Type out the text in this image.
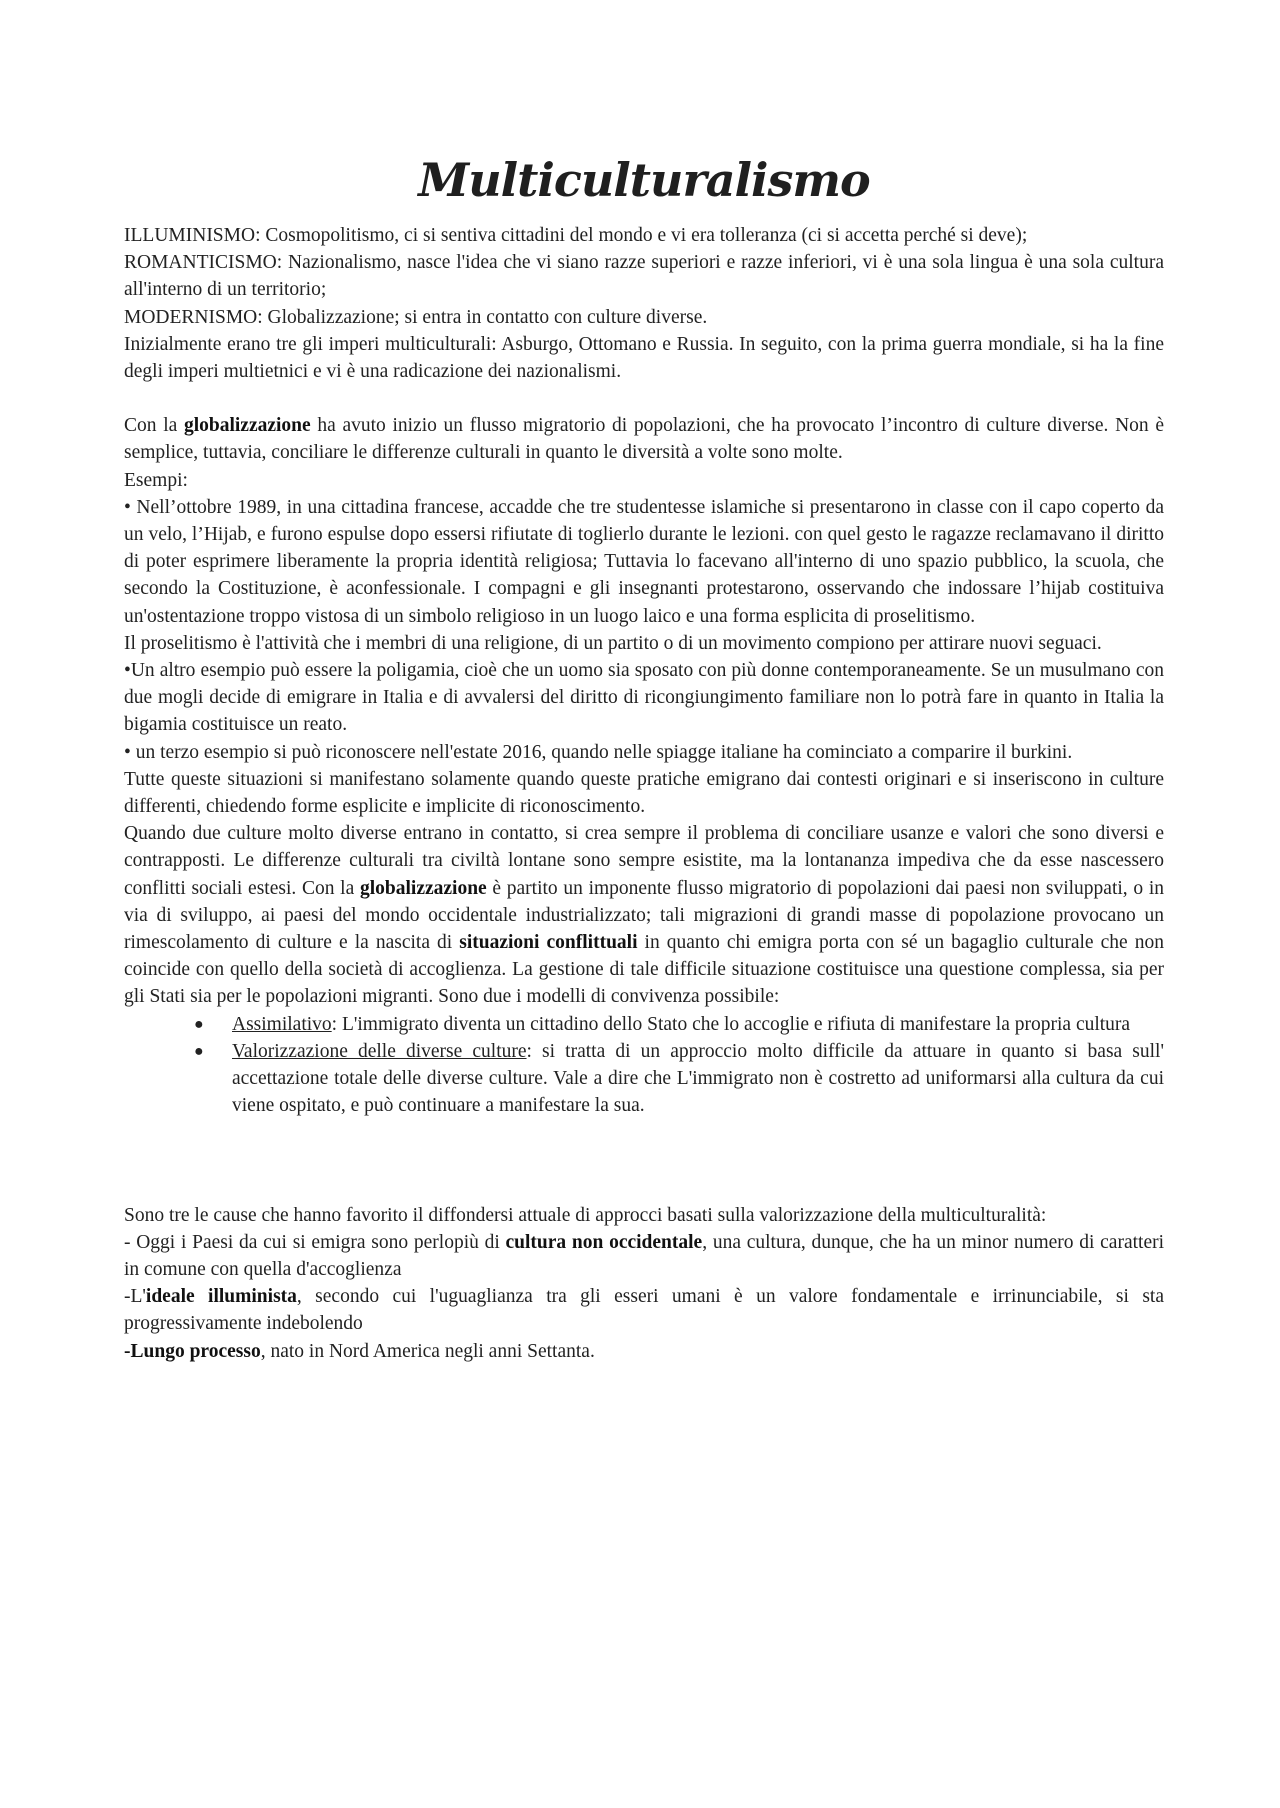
Multiculturalismo

ILLUMINISMO: Cosmopolitismo, ci si sentiva cittadini del mondo e vi era tolleranza (ci si accetta perché si deve);

ROMANTICISMO: Nazionalismo, nasce l'idea che vi siano razze superiori e razze inferiori, vi è una sola lingua è una sola cultura all'interno di un territorio;

MODERNISMO: Globalizzazione; si entra in contatto con culture diverse.

Inizialmente erano tre gli imperi multiculturali: Asburgo, Ottomano e Russia. In seguito, con la prima guerra mondiale, si ha la fine degli imperi multietnici e vi è una radicazione dei nazionalismi.

Con la globalizzazione ha avuto inizio un flusso migratorio di popolazioni, che ha provocato l’incontro di culture diverse. Non è semplice, tuttavia, conciliare le differenze culturali in quanto le diversità a volte sono molte.

Esempi:

• Nell’ottobre 1989, in una cittadina francese, accadde che tre studentesse islamiche si presentarono in classe con il capo coperto da un velo, l’Hijab, e furono espulse dopo essersi rifiutate di toglierlo durante le lezioni. con quel gesto le ragazze reclamavano il diritto di poter esprimere liberamente la propria identità religiosa; Tuttavia lo facevano all'interno di uno spazio pubblico, la scuola, che secondo la Costituzione, è aconfessionale. I compagni e gli insegnanti protestarono, osservando che indossare l’hijab costituiva un'ostentazione troppo vistosa di un simbolo religioso in un luogo laico e una forma esplicita di proselitismo.

Il proselitismo è l'attività che i membri di una religione, di un partito o di un movimento compiono per attirare nuovi seguaci.

•Un altro esempio può essere la poligamia, cioè che un uomo sia sposato con più donne contemporaneamente. Se un musulmano con due mogli decide di emigrare in Italia e di avvalersi del diritto di ricongiungimento familiare non lo potrà fare in quanto in Italia la bigamia costituisce un reato.

• un terzo esempio si può riconoscere nell'estate 2016, quando nelle spiagge italiane ha cominciato a comparire il burkini.

Tutte queste situazioni si manifestano solamente quando queste pratiche emigrano dai contesti originari e si inseriscono in culture differenti, chiedendo forme esplicite e implicite di riconoscimento.

Quando due culture molto diverse entrano in contatto, si crea sempre il problema di conciliare usanze e valori che sono diversi e contrapposti. Le differenze culturali tra civiltà lontane sono sempre esistite, ma la lontananza impediva che da esse nascessero conflitti sociali estesi. Con la globalizzazione è partito un imponente flusso migratorio di popolazioni dai paesi non sviluppati, o in via di sviluppo, ai paesi del mondo occidentale industrializzato; tali migrazioni di grandi masse di popolazione provocano un rimescolamento di culture e la nascita di situazioni conflittuali in quanto chi emigra porta con sé un bagaglio culturale che non coincide con quello della società di accoglienza. La gestione di tale difficile situazione costituisce una questione complessa, sia per gli Stati sia per le popolazioni migranti. Sono due i modelli di convivenza possibile:

● Assimilativo: L'immigrato diventa un cittadino dello Stato che lo accoglie e rifiuta di manifestare la propria cultura
● Valorizzazione delle diverse culture: si tratta di un approccio molto difficile da attuare in quanto si basa sull' accettazione totale delle diverse culture. Vale a dire che L'immigrato non è costretto ad uniformarsi alla cultura da cui viene ospitato, e può continuare a manifestare la sua.

Sono tre le cause che hanno favorito il diffondersi attuale di approcci basati sulla valorizzazione della multiculturalità:

- Oggi i Paesi da cui si emigra sono perlopiù di cultura non occidentale, una cultura, dunque, che ha un minor numero di caratteri in comune con quella d'accoglienza

-L'ideale illuminista, secondo cui l'uguaglianza tra gli esseri umani è un valore fondamentale e irrinunciabile, si sta progressivamente indebolendo

-Lungo processo, nato in Nord America negli anni Settanta.
